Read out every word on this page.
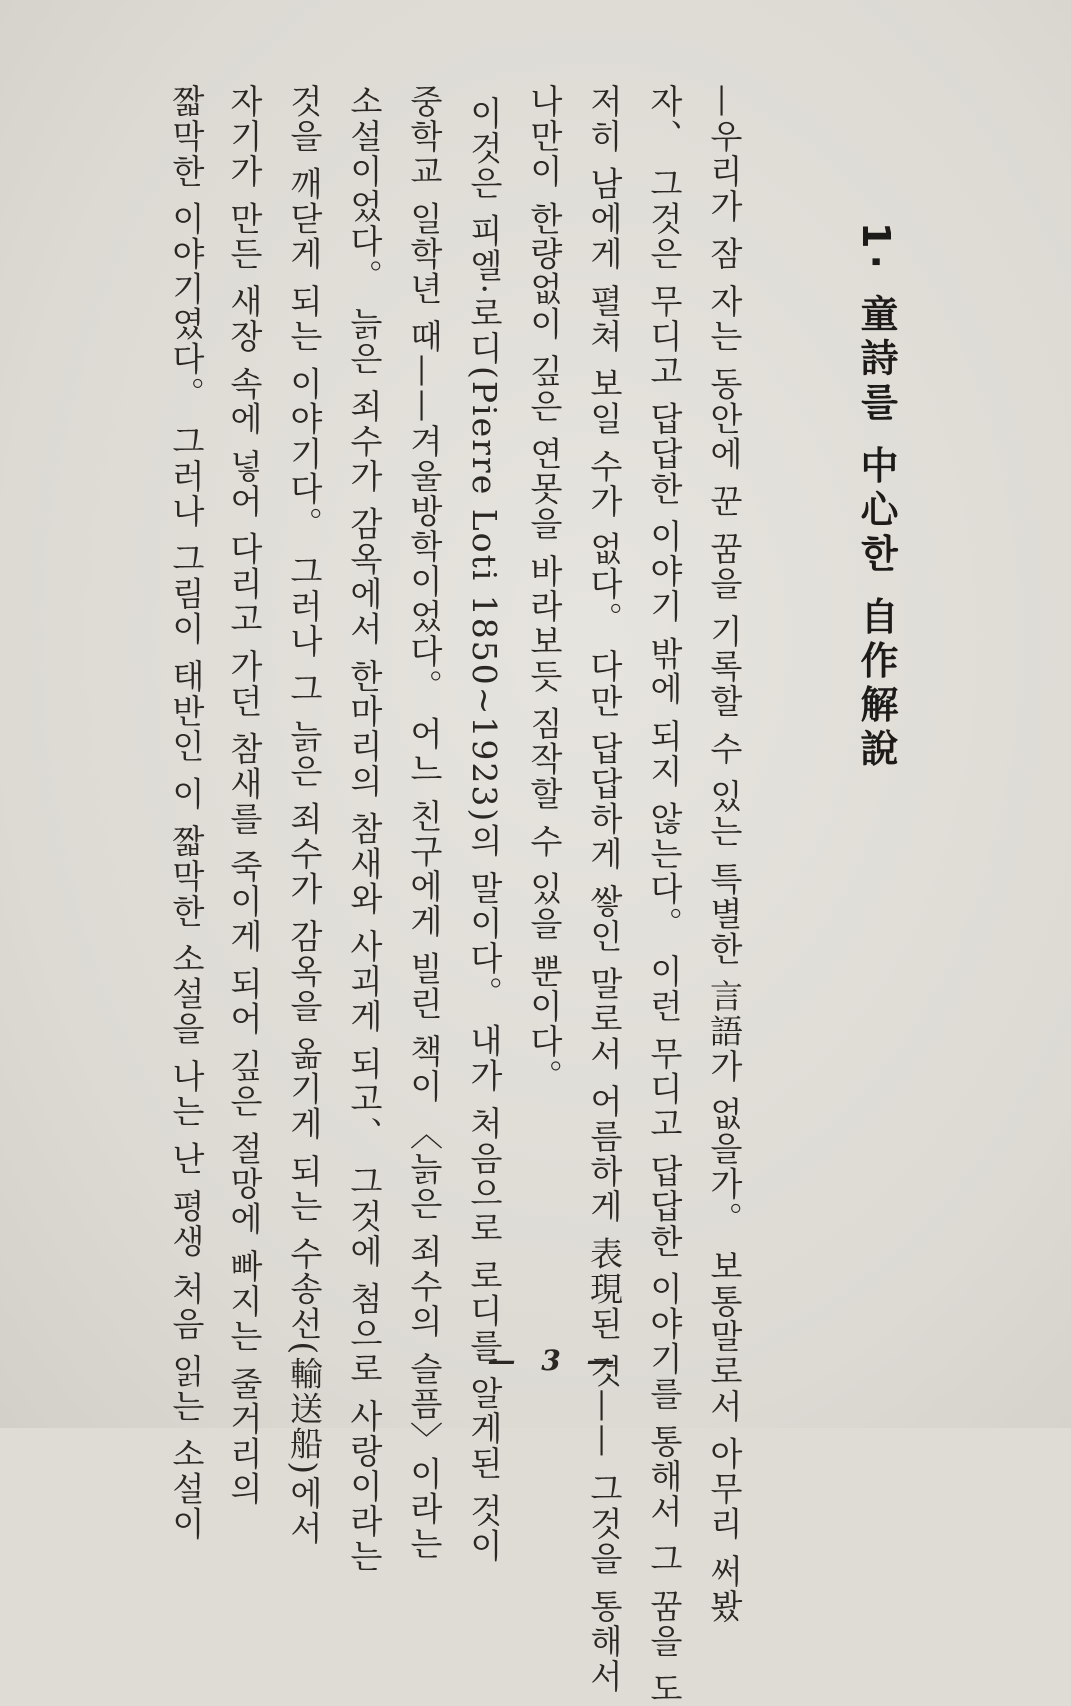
1· 童詩를 中心한 自作解說
—우리가 잠 자는 동안에 꾼 꿈을 기록할 수 있는 특별한 言語가 없을가。 보통말로서 아무리 써봤
자、 그것은 무디고 답답한 이야기 밖에 되지 않는다。 이런 무디고 답답한 이야기를 통해서 그 꿈을 도
저히 남에게 펼쳐 보일 수가 없다。 다만 답답하게 쌓인 말로서 어름하게 表現된 것—— 그것을 통해서
나만이 한량없이 깊은 연못을 바라보듯 짐작할 수 있을 뿐이다。
이것은 피엘·로디(Pierre Loti 1850~1923)의 말이다。 내가 처음으로 로디를 알게된 것이
중학교 일학년 때——겨울방학이었다。 어느 친구에게 빌린 책이 〈늙은 죄수의 슬픔〉이라는
소설이었다。 늙은 죄수가 감옥에서 한마리의 참새와 사괴게 되고、 그것에 첨으로 사랑이라는
것을 깨닫게 되는 이야기다。 그러나 그 늙은 죄수가 감옥을 옮기게 되는 수송선(輸送船)에서
자기가 만든 새장 속에 넣어 다리고 가던 참새를 죽이게 되어 깊은 절망에 빠지는 줄거리의
짧막한 이야기였다。 그러나 그림이 태반인 이 짧막한 소설을 나는 난 평생 처음 읽는 소설이	— 3 —
